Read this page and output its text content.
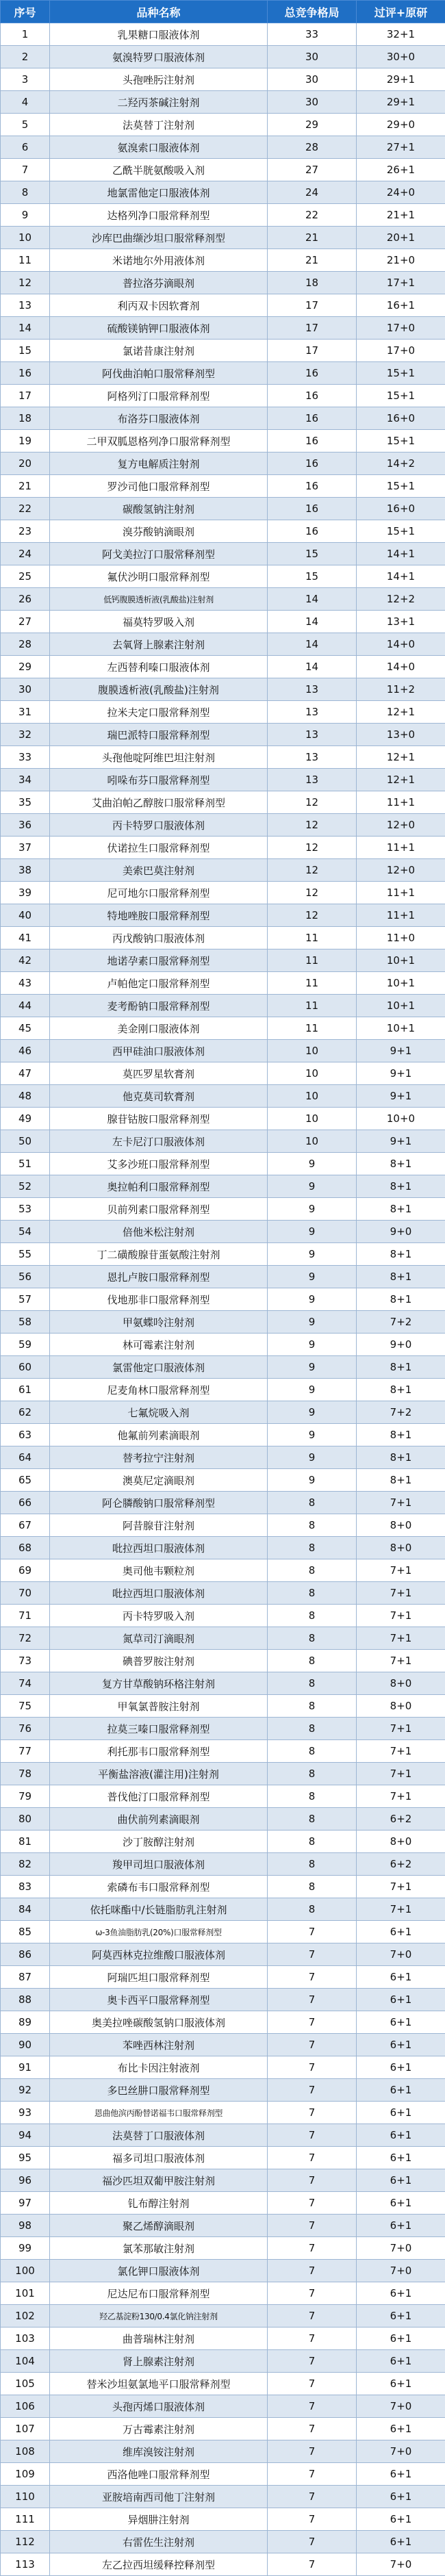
序号	品种名称	总竞争格局	过评+原研
1	乳果糖口服液体剂	33	32+1
2	氨溴特罗口服液体剂	30	30+0
3	头孢唑肟注射剂	30	29+1
4	二羟丙茶碱注射剂	30	29+1
5	法莫替丁注射剂	29	29+0
6	氨溴索口服液体剂	28	27+1
7	乙酰半胱氨酸吸入剂	27	26+1
8	地氯雷他定口服液体剂	24	24+0
9	达格列净口服常释剂型	22	21+1
10	沙库巴曲缬沙坦口服常释剂型	21	20+1
11	米诺地尔外用液体剂	21	21+0
12	普拉洛芬滴眼剂	18	17+1
13	利丙双卡因软膏剂	17	16+1
14	硫酸镁钠钾口服液体剂	17	17+0
15	氯诺昔康注射剂	17	17+0
16	阿伐曲泊帕口服常释剂型	16	15+1
17	阿格列汀口服常释剂型	16	15+1
18	布洛芬口服液体剂	16	16+0
19	二甲双胍恩格列净口服常释剂型	16	15+1
20	复方电解质注射剂	16	14+2
21	罗沙司他口服常释剂型	16	15+1
22	碳酸氢钠注射剂	16	16+0
23	溴芬酸钠滴眼剂	16	15+1
24	阿戈美拉汀口服常释剂型	15	14+1
25	氟伏沙明口服常释剂型	15	14+1
26	低钙腹膜透析液(乳酸盐)注射剂	14	12+2
27	福莫特罗吸入剂	14	13+1
28	去氧肾上腺素注射剂	14	14+0
29	左西替利嗪口服液体剂	14	14+0
30	腹膜透析液(乳酸盐)注射剂	13	11+2
31	拉米夫定口服常释剂型	13	12+1
32	瑞巴派特口服常释剂型	13	13+0
33	头孢他啶阿维巴坦注射剂	13	12+1
34	吲哚布芬口服常释剂型	13	12+1
35	艾曲泊帕乙醇胺口服常释剂型	12	11+1
36	丙卡特罗口服液体剂	12	12+0
37	伏诺拉生口服常释剂型	12	11+1
38	美索巴莫注射剂	12	12+0
39	尼可地尔口服常释剂型	12	11+1
40	特地唑胺口服常释剂型	12	11+1
41	丙戊酸钠口服液体剂	11	11+0
42	地诺孕素口服常释剂型	11	10+1
43	卢帕他定口服常释剂型	11	10+1
44	麦考酚钠口服常释剂型	11	10+1
45	美金刚口服液体剂	11	10+1
46	西甲硅油口服液体剂	10	9+1
47	莫匹罗星软膏剂	10	9+1
48	他克莫司软膏剂	10	9+1
49	腺苷钴胺口服常释剂型	10	10+0
50	左卡尼汀口服液体剂	10	9+1
51	艾多沙班口服常释剂型	9	8+1
52	奥拉帕利口服常释剂型	9	8+1
53	贝前列素口服常释剂型	9	8+1
54	倍他米松注射剂	9	9+0
55	丁二磺酸腺苷蛋氨酸注射剂	9	8+1
56	恩扎卢胺口服常释剂型	9	8+1
57	伐地那非口服常释剂型	9	8+1
58	甲氨蝶呤注射剂	9	7+2
59	林可霉素注射剂	9	9+0
60	氯雷他定口服液体剂	9	8+1
61	尼麦角林口服常释剂型	9	8+1
62	七氟烷吸入剂	9	7+2
63	他氟前列素滴眼剂	9	8+1
64	替考拉宁注射剂	9	8+1
65	澳莫尼定滴眼剂	9	8+1
66	阿仑膦酸钠口服常释剂型	8	7+1
67	阿昔腺苷注射剂	8	8+0
68	吡拉西坦口服液体剂	8	8+0
69	奥司他韦颗粒剂	8	7+1
70	吡拉西坦口服液体剂	8	7+1
71	丙卡特罗吸入剂	8	7+1
72	氮草司汀滴眼剂	8	7+1
73	碘普罗胺注射剂	8	7+1
74	复方甘草酸钠环格注射剂	8	8+0
75	甲氧氯普胺注射剂	8	8+0
76	拉莫三嗪口服常释剂型	8	7+1
77	利托那韦口服常释剂型	8	7+1
78	平衡盐溶液(灌注用)注射剂	8	7+1
79	普伐他汀口服常释剂型	8	7+1
80	曲伏前列素滴眼剂	8	6+2
81	沙丁胺醇注射剂	8	8+0
82	羧甲司坦口服液体剂	8	6+2
83	索磷布韦口服常释剂型	8	7+1
84	依托咪酯中/长链脂肪乳注射剂	8	7+1
85	ω-3鱼油脂肪乳(20%)口服常释剂型	7	6+1
86	阿莫西林克拉维酸口服液体剂	7	7+0
87	阿瑞匹坦口服常释剂型	7	6+1
88	奥卡西平口服常释剂型	7	6+1
89	奥美拉唑碳酸氢钠口服液体剂	7	6+1
90	苯唑西林注射剂	7	6+1
91	布比卡因注射液剂	7	6+1
92	多巴丝肼口服常释剂型	7	6+1
93	恩曲他滨丙酚替诺福韦口服常释剂型	7	6+1
94	法莫替丁口服液体剂	7	6+1
95	福多司坦口服液体剂	7	6+1
96	福沙匹坦双葡甲胺注射剂	7	6+1
97	钆布醇注射剂	7	6+1
98	聚乙烯醇滴眼剂	7	6+1
99	氯苯那敏注射剂	7	7+0
100	氯化钾口服液体剂	7	7+0
101	尼达尼布口服常释剂型	7	6+1
102	羟乙基淀粉130/0.4氯化钠注射剂	7	6+1
103	曲普瑞林注射剂	7	6+1
104	肾上腺素注射剂	7	6+1
105	替米沙坦氨氯地平口服常释剂型	7	6+1
106	头孢丙烯口服液体剂	7	7+0
107	万古霉素注射剂	7	6+1
108	维库溴铵注射剂	7	7+0
109	西洛他唑口服常释剂型	7	6+1
110	亚胺培南西司他丁注射剂	7	6+1
111	异烟肼注射剂	7	6+1
112	右雷佐生注射剂	7	6+1
113	左乙拉西坦缓释控释剂型	7	7+0
